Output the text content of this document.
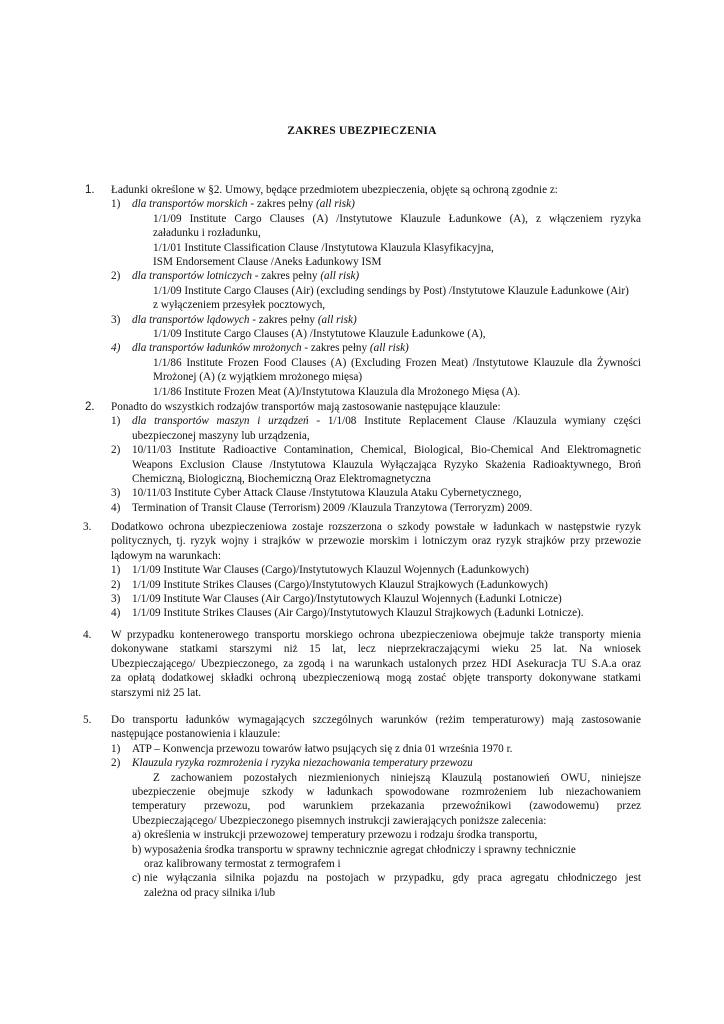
ZAKRES UBEZPIECZENIA
1.	Ładunki określone w §2. Umowy, będące przedmiotem ubezpieczenia, objęte są ochroną zgodnie z:
1) dla transportów morskich - zakres pełny (all risk)
1/1/09 Institute Cargo Clauses (A) /Instytutowe Klauzule Ładunkowe (A), z włączeniem ryzyka
załadunku i rozładunku,
1/1/01 Institute Classification Clause /Instytutowa Klauzula Klasyfikacyjna,
ISM Endorsement Clause /Aneks Ładunkowy ISM
2) dla transportów lotniczych - zakres pełny (all risk)
1/1/09 Institute Cargo Clauses (Air) (excluding sendings by Post) /Instytutowe Klauzule Ładunkowe (Air)
z wyłączeniem przesyłek pocztowych,
3) dla transportów lądowych - zakres pełny (all risk)
1/1/09 Institute Cargo Clauses (A) /Instytutowe Klauzule Ładunkowe (A),
4) dla transportów ładunków mrożonych - zakres pełny (all risk)
1/1/86 Institute Frozen Food Clauses (A) (Excluding Frozen Meat) /Instytutowe Klauzule dla Żywności
Mrożonej (A) (z wyjątkiem mrożonego mięsa)
1/1/86 Institute Frozen Meat (A)/Instytutowa Klauzula dla Mrożonego Mięsa (A).
2.	Ponadto do wszystkich rodzajów transportów mają zastosowanie następujące klauzule:
1) dla transportów maszyn i urządzeń - 1/1/08 Institute Replacement Clause /Klauzula wymiany części
ubezpieczonej maszyny lub urządzenia,
2) 10/11/03 Institute Radioactive Contamination, Chemical, Biological, Bio-Chemical And Elektromagnetic
Weapons Exclusion Clause /Instytutowa Klauzula Wyłączająca Ryzyko Skażenia Radioaktywnego, Broń
Chemiczną, Biologiczną, Biochemiczną Oraz Elektromagnetyczna
3) 10/11/03 Institute Cyber Attack Clause /Instytutowa Klauzula Ataku Cybernetycznego,
4) Termination of Transit Clause (Terrorism) 2009 /Klauzula Tranzytowa (Terroryzm) 2009.
3.	Dodatkowo ochrona ubezpieczeniowa zostaje rozszerzona o szkody powstałe w ładunkach w następstwie ryzyk
politycznych, tj. ryzyk wojny i strajków w przewozie morskim i lotniczym oraz ryzyk strajków przy przewozie
lądowym na warunkach:
1) 1/1/09 Institute War Clauses (Cargo)/Instytutowych Klauzul Wojennych (Ładunkowych)
2) 1/1/09 Institute Strikes Clauses (Cargo)/Instytutowych Klauzul Strajkowych (Ładunkowych)
3) 1/1/09 Institute War Clauses (Air Cargo)/Instytutowych Klauzul Wojennych (Ładunki Lotnicze)
4) 1/1/09 Institute Strikes Clauses (Air Cargo)/Instytutowych Klauzul Strajkowych (Ładunki Lotnicze).
4.	W przypadku kontenerowego transportu morskiego ochrona ubezpieczeniowa obejmuje także transporty mienia
dokonywane statkami starszymi niż 15 lat, lecz nieprzekraczającymi wieku 25 lat. Na wniosek
Ubezpieczającego/ Ubezpieczonego, za zgodą i na warunkach ustalonych przez HDI Asekuracja TU S.A.a oraz
za opłatą dodatkowej składki ochroną ubezpieczeniową mogą zostać objęte transporty dokonywane statkami
starszymi niż 25 lat.
5.	Do transportu ładunków wymagających szczególnych warunków (reżim temperaturowy) mają zastosowanie
następujące postanowienia i klauzule:
1) ATP – Konwencja przewozu towarów łatwo psujących się z dnia 01 września 1970 r.
2) Klauzula ryzyka rozmrożenia i ryzyka niezachowania temperatury przewozu
Z zachowaniem pozostałych niezmienionych niniejszą Klauzulą postanowień OWU, niniejsze
ubezpieczenie obejmuje szkody w ładunkach spowodowane rozmrożeniem lub niezachowaniem
temperatury przewozu, pod warunkiem przekazania przewoźnikowi (zawodowemu) przez
Ubezpieczającego/ Ubezpieczonego pisemnych instrukcji zawierających poniższe zalecenia:
a) określenia w instrukcji przewozowej temperatury przewozu i rodzaju środka transportu,
b) wyposażenia środka transportu w sprawny technicznie agregat chłodniczy i sprawny technicznie
oraz kalibrowany termostat z termografem i
c) nie wyłączania silnika pojazdu na postojach w przypadku, gdy praca agregatu chłodniczego jest
zależna od pracy silnika i/lub
